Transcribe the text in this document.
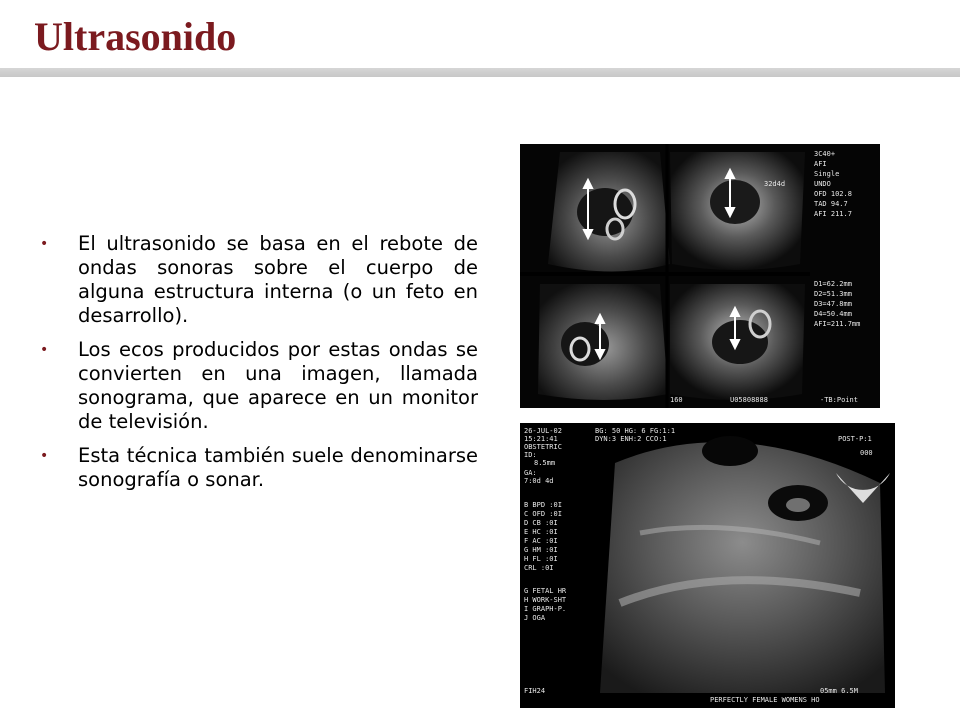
Ultrasonido
• El ultrasonido se basa en el rebote de ondas sonoras sobre el cuerpo de alguna estructura interna (o un feto en desarrollo).
• Los ecos producidos por estas ondas se convierten en una imagen, llamada sonograma, que aparece en un monitor de televisión.
• Esta técnica también suele denominarse sonografía o sonar.
32d4d
3C40+
AFI
Single
UNDO
OFD 102.8
TAD 94.7
AFI 211.7
D1=62.2mm
D2=51.3mm
D3=47.8mm
D4=50.4mm
AFI=211.7mm
160	U05808888	-TB:Point
26-JUL-02
15:21:41
OBSTETRIC
ID:
BG: 50 HG: 6 FG:1:1
DYN:3 ENH:2 CCO:1	POST-P:1
000
8.5mm
GA:
7:0d 4d
B BPD :0I
C OFD :0I
D CB :0I
E HC :0I
F AC :0I
G HM :0I
H FL :0I
CRL :0I
G FETAL HR
H WORK-SHT
I GRAPH-P.
J OGA
FIH24
PERFECTLY FEMALE WOMENS HO
05mm 6.5M
